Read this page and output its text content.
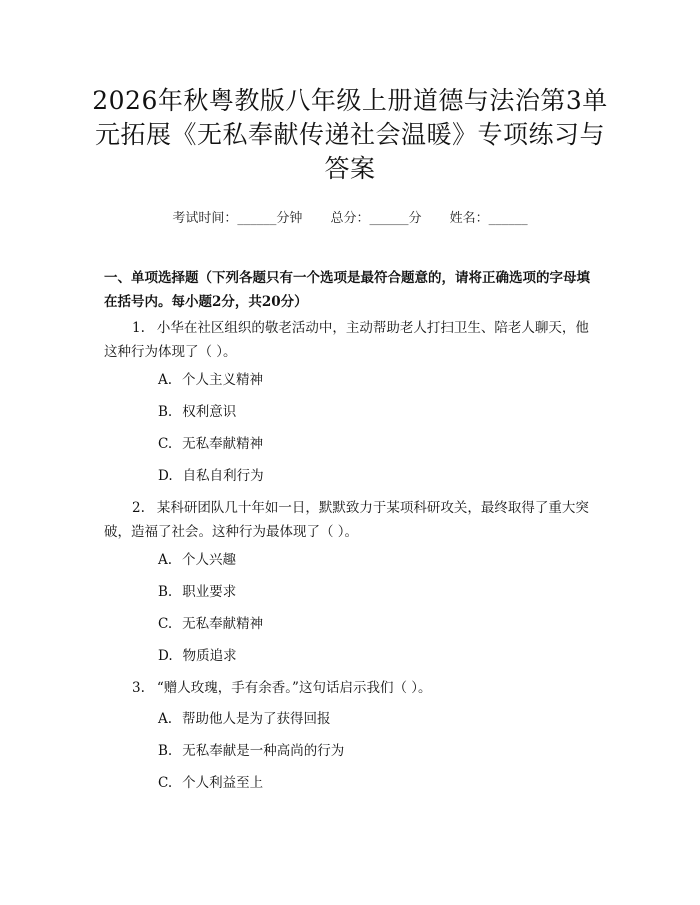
2026年秋粤教版八年级上册道德与法治第3单元拓展《无私奉献传递社会温暖》专项练习与答案
考试时间：______分钟 总分：______分 姓名：______
一、单项选择题（下列各题只有一个选项是最符合题意的，请将正确选项的字母填在括号内。每小题2分，共20分）
1. 小华在社区组织的敬老活动中，主动帮助老人打扫卫生、陪老人聊天，他这种行为体现了（ ）。
A. 个人主义精神
B. 权利意识
C. 无私奉献精神
D. 自私自利行为
2. 某科研团队几十年如一日，默默致力于某项科研攻关，最终取得了重大突破，造福了社会。这种行为最体现了（ ）。
A. 个人兴趣
B. 职业要求
C. 无私奉献精神
D. 物质追求
3. “赠人玫瑰，手有余香。”这句话启示我们（ ）。
A. 帮助他人是为了获得回报
B. 无私奉献是一种高尚的行为
C. 个人利益至上
